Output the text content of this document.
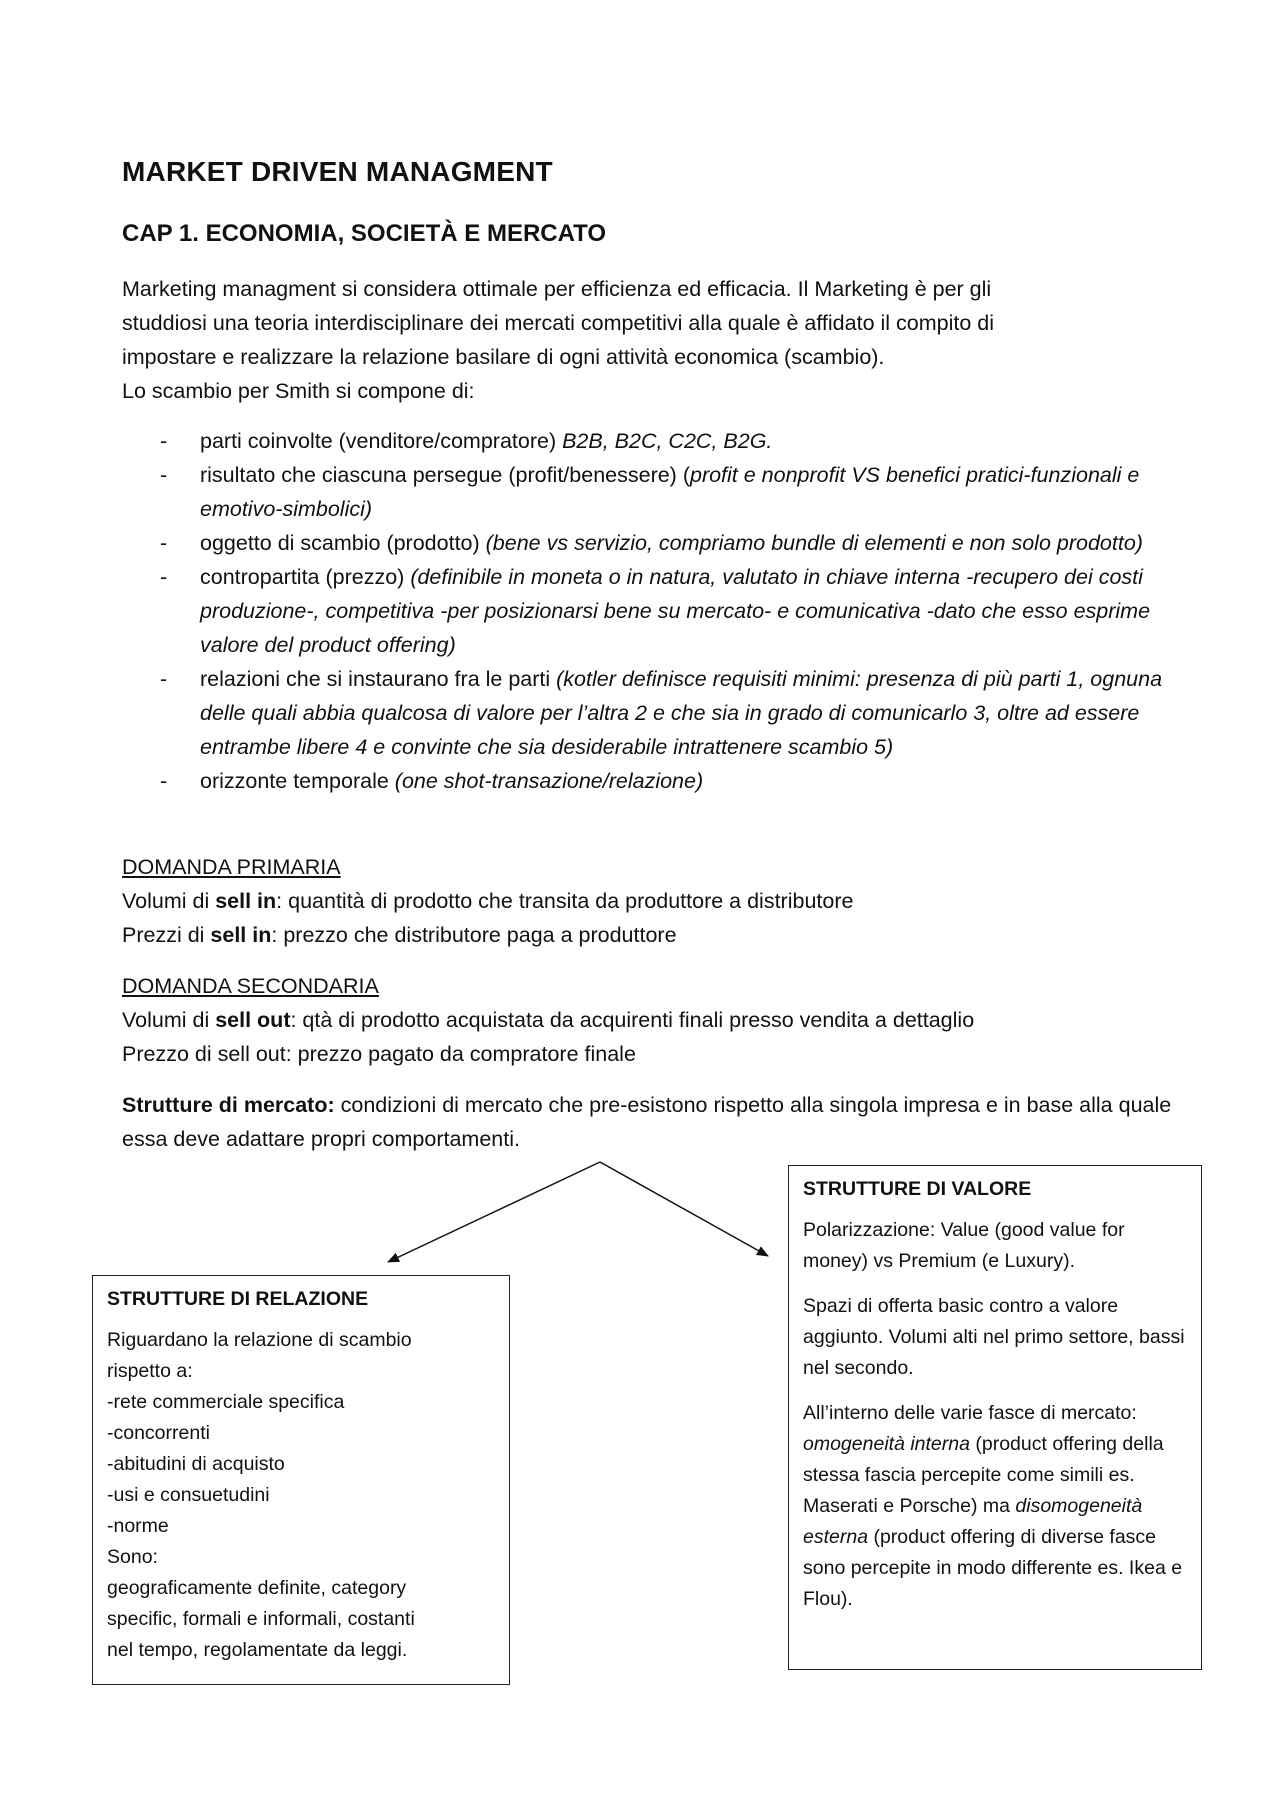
MARKET DRIVEN MANAGMENT
CAP 1. ECONOMIA, SOCIETÀ E MERCATO

Marketing managment si considera ottimale per efficienza ed efficacia. Il Marketing è per gli

studdiosi una teoria interdisciplinare dei mercati competitivi alla quale è affidato il compito di

impostare e realizzare la relazione basilare di ogni attività economica (scambio).

Lo scambio per Smith si compone di:

- parti coinvolte (venditore/compratore) B2B, B2C, C2C, B2G.
- risultato che ciascuna persegue (profit/benessere) (profit e nonprofit VS benefici pratici-funzionali e emotivo-simbolici)
- oggetto di scambio (prodotto) (bene vs servizio, compriamo bundle di elementi e non solo prodotto)
- contropartita (prezzo) (definibile in moneta o in natura, valutato in chiave interna -recupero dei costi produzione-, competitiva -per posizionarsi bene su mercato- e comunicativa -dato che esso esprime valore del product offering)
- relazioni che si instaurano fra le parti (kotler definisce requisiti minimi: presenza di più parti 1, ognuna delle quali abbia qualcosa di valore per l’altra 2 e che sia in grado di comunicarlo 3, oltre ad essere entrambe libere 4 e convinte che sia desiderabile intrattenere scambio 5)
- orizzonte temporale (one shot-transazione/relazione)

DOMANDA PRIMARIA

Volumi di sell in: quantità di prodotto che transita da produttore a distributore

Prezzi di sell in: prezzo che distributore paga a produttore

DOMANDA SECONDARIA

Volumi di sell out: qtà di prodotto acquistata da acquirenti finali presso vendita a dettaglio

Prezzo di sell out: prezzo pagato da compratore finale

Strutture di mercato: condizioni di mercato che pre-esistono rispetto alla singola impresa e in base alla quale essa deve adattare propri comportamenti.

STRUTTURE DI RELAZIONE
Riguardano la relazione di scambio
rispetto a:
-rete commerciale specifica
-concorrenti
-abitudini di acquisto
-usi e consuetudini
-norme
Sono:
geograficamente definite, category
specific, formali e informali, costanti
nel tempo, regolamentate da leggi.
STRUTTURE DI VALORE

Polarizzazione: Value (good value for money) vs Premium (e Luxury).

Spazi di offerta basic contro a valore aggiunto. Volumi alti nel primo settore, bassi nel secondo.

All’interno delle varie fasce di mercato: omogeneità interna (product offering della stessa fascia percepite come simili es. Maserati e Porsche) ma disomogeneità esterna (product offering di diverse fasce sono percepite in modo differente es. Ikea e Flou).
